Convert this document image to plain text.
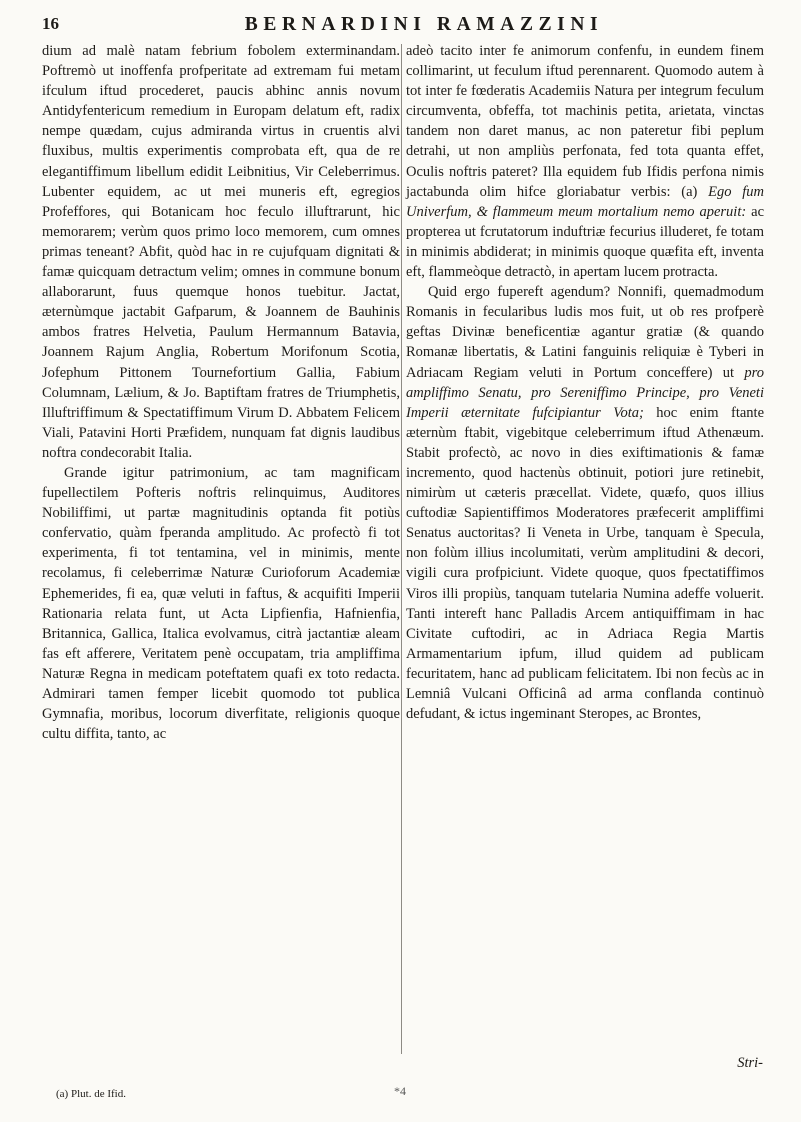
16	BERNARDINI RAMAZZINI

dium ad malè natam febrium fobolem exterminandam. Poftremò ut inoffenfa profperitate ad extremam fui metam ifculum iftud procederet, paucis abhinc annis novum Antidyfentericum remedium in Europam delatum eft, radix nempe quædam, cujus admiranda virtus in cruentis alvi fluxibus, multis experimentis comprobata eft, qua de re elegantiffimum libellum edidit Leibnitius, Vir Celeberrimus. Lubenter equidem, ac ut mei muneris eft, egregios Profeffores, qui Botanicam hoc feculo illuftrarunt, hic memorarem; verùm quos primo loco memorem, cum omnes primas teneant? Abfit, quòd hac in re cujufquam dignitati & famæ quicquam detractum velim; omnes in commune bonum allaborarunt, fuus quemque honos tuebitur. Jactat, æternùmque jactabit Gafparum, & Joannem de Bauhinis ambos fratres Helvetia, Paulum Hermannum Batavia, Joannem Rajum Anglia, Robertum Morifonum Scotia, Jofephum Pittonem Tournefortium Gallia, Fabium Columnam, Lælium, & Jo. Baptiftam fratres de Triumphetis, Illuftriffimum & Spectatiffimum Virum D. Abbatem Felicem Viali, Patavini Horti Præfidem, nunquam fat dignis laudibus noftra condecorabit Italia.

Grande igitur patrimonium, ac tam magnificam fupellectilem Pofteris noftris relinquimus, Auditores Nobiliffimi, ut partæ magnitudinis optanda fit potiùs confervatio, quàm fperanda amplitudo. Ac profectò fi tot experimenta, fi tot tentamina, vel in minimis, mente recolamus, fi celeberrimæ Naturæ Curioforum Academiæ Ephemerides, fi ea, quæ veluti in faftus, & acquifiti Imperii Rationaria relata funt, ut Acta Lipfienfia, Hafnienfia, Britannica, Gallica, Italica evolvamus, citrà jactantiæ aleam fas eft afferere, Veritatem penè occupatam, tria ampliffima Naturæ Regna in medicam poteftatem quafi ex toto redacta. Admirari tamen femper licebit quomodo tot publica Gymnafia, moribus, locorum diverfitate, religionis quoque cultu diffita, tanto, ac

adeò tacito inter fe animorum confenfu, in eundem finem collimarint, ut feculum iftud perennarent. Quomodo autem à tot inter fe fœderatis Academiis Natura per integrum feculum circumventa, obfeffa, tot machinis petita, arietata, vinctas tandem non daret manus, ac non pateretur fibi peplum detrahi, ut non ampliùs perfonata, fed tota quanta effet, Oculis noftris pateret? Illa equidem fub Ifidis perfona nimis jactabunda olim hifce gloriabatur verbis: (a) Ego fum Univerfum, & flammeum meum mortalium nemo aperuit: ac propterea ut fcrutatorum induftriæ fecurius illuderet, fe totam in minimis abdiderat; in minimis quoque quæfita eft, inventa eft, flammeòque detractò, in apertam lucem protracta.

Quid ergo fupereft agendum? Nonnifi, quemadmodum Romanis in fecularibus ludis mos fuit, ut ob res profperè geftas Divinæ beneficentiæ agantur gratiæ (& quando Romanæ libertatis, & Latini fanguinis reliquiæ è Tyberi in Adriacam Regiam veluti in Portum conceffere) ut pro ampliffimo Senatu, pro Sereniffimo Principe, pro Veneti Imperii æternitate fufcipiantur Vota; hoc enim ftante æternùm ftabit, vigebitque celeberrimum iftud Athenæum. Stabit profectò, ac novo in dies exiftimationis & famæ incremento, quod hactenùs obtinuit, potiori jure retinebit, nimirùm ut cæteris præcellat. Videte, quæfo, quos illius cuftodiæ Sapientiffimos Moderatores præfecerit ampliffimi Senatus auctoritas? Ii Veneta in Urbe, tanquam è Specula, non folùm illius incolumitati, verùm amplitudini & decori, vigili cura profpiciunt. Videte quoque, quos fpectatiffimos Viros illi propiùs, tanquam tutelaria Numina adeffe voluerit. Tanti intereft hanc Palladis Arcem antiquiffimam in hac Civitate cuftodiri, ac in Adriaca Regia Martis Armamentarium ipfum, illud quidem ad publicam fecuritatem, hanc ad publicam felicitatem. Ibi non fecùs ac in Lemniâ Vulcani Officinâ ad arma conflanda continuò defudant, & ictus ingeminant Steropes, ac Brontes,

Stri-
(a) Plut. de Ifid.	*4
